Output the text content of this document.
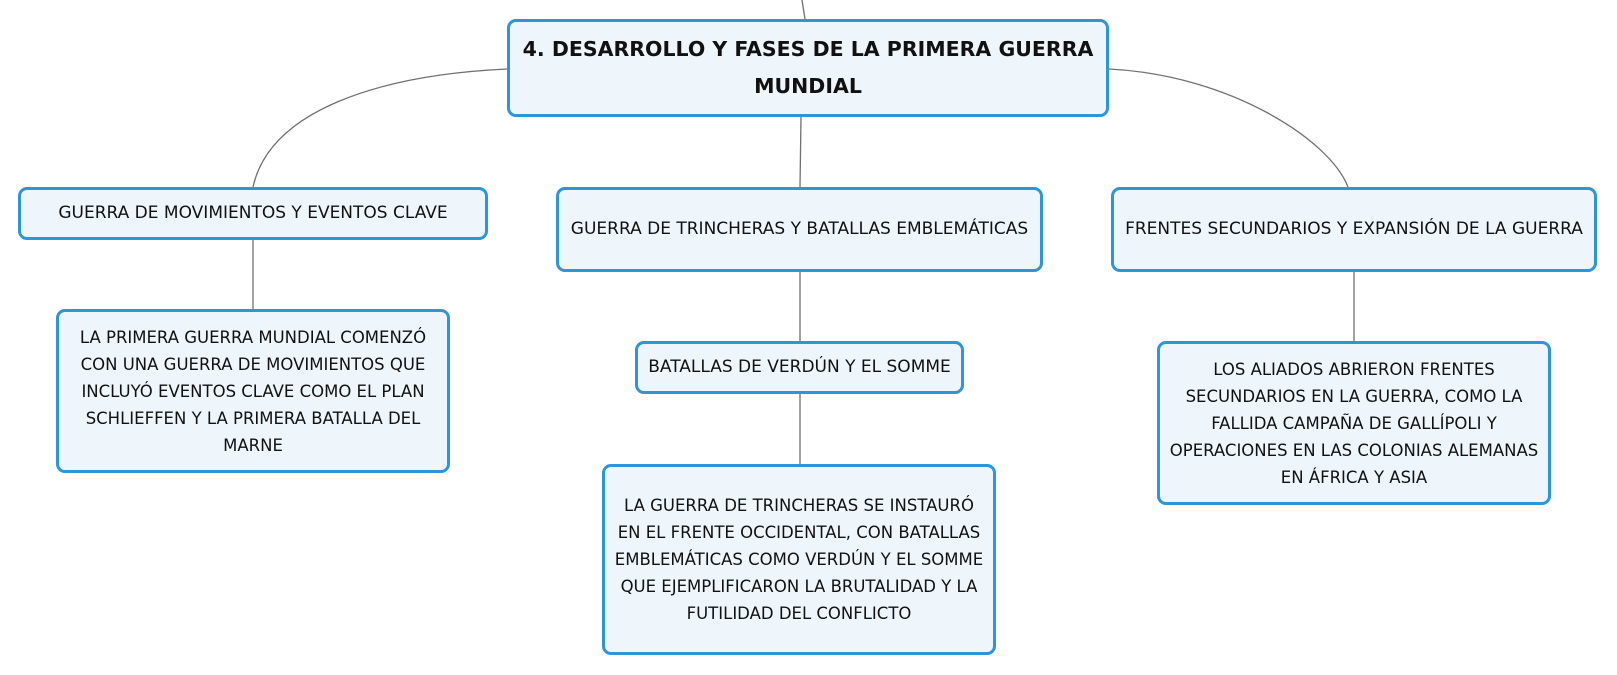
4. DESARROLLO Y FASES DE LA PRIMERA GUERRA MUNDIAL
GUERRA DE MOVIMIENTOS Y EVENTOS CLAVE
GUERRA DE TRINCHERAS Y BATALLAS EMBLEMÁTICAS	FRENTES SECUNDARIOS Y EXPANSIÓN DE LA GUERRA
LA PRIMERA GUERRA MUNDIAL COMENZÓ CON UNA GUERRA DE MOVIMIENTOS QUE INCLUYÓ EVENTOS CLAVE COMO EL PLAN SCHLIEFFEN Y LA PRIMERA BATALLA DEL MARNE
BATALLAS DE VERDÚN Y EL SOMME
LA GUERRA DE TRINCHERAS SE INSTAURÓ EN EL FRENTE OCCIDENTAL, CON BATALLAS EMBLEMÁTICAS COMO VERDÚN Y EL SOMME QUE EJEMPLIFICARON LA BRUTALIDAD Y LA FUTILIDAD DEL CONFLICTO
LOS ALIADOS ABRIERON FRENTES SECUNDARIOS EN LA GUERRA, COMO LA FALLIDA CAMPAÑA DE GALLÍPOLI Y OPERACIONES EN LAS COLONIAS ALEMANAS EN ÁFRICA Y ASIA
